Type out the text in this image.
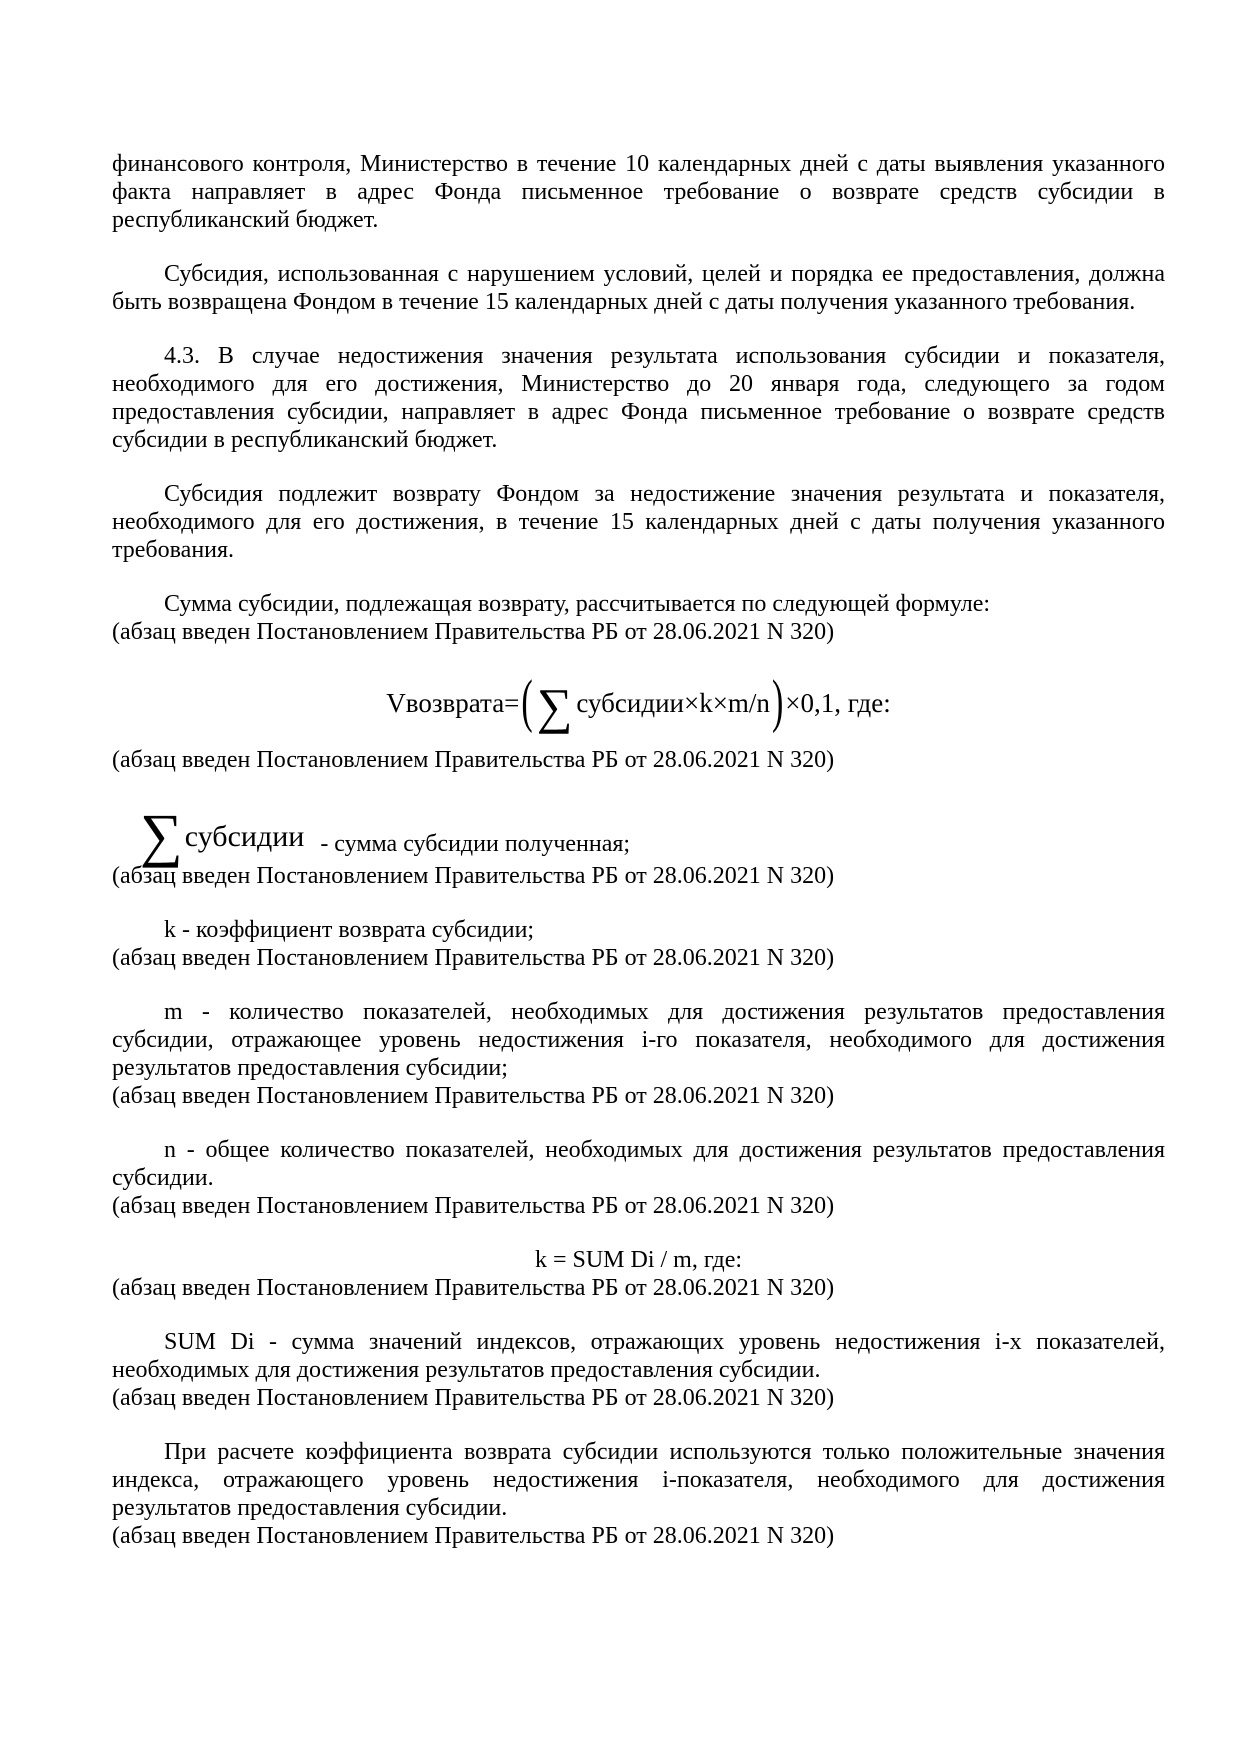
финансового контроля, Министерство в течение 10 календарных дней с даты выявления указанного факта направляет в адрес Фонда письменное требование о возврате средств субсидии в республиканский бюджет.

Субсидия, использованная с нарушением условий, целей и порядка ее предоставления, должна быть возвращена Фондом в течение 15 календарных дней с даты получения указанного требования.

4.3. В случае недостижения значения результата использования субсидии и показателя, необходимого для его достижения, Министерство до 20 января года, следующего за годом предоставления субсидии, направляет в адрес Фонда письменное требование о возврате средств субсидии в республиканский бюджет.

Субсидия подлежит возврату Фондом за недостижение значения результата и показателя, необходимого для его достижения, в течение 15 календарных дней с даты получения указанного требования.

Сумма субсидии, подлежащая возврату, рассчитывается по следующей формуле:

(абзац введен Постановлением Правительства РБ от 28.06.2021 N 320)

Vвозврата= ( ∑ субсидии×k×m/n ) ×0,1, где:

(абзац введен Постановлением Правительства РБ от 28.06.2021 N 320)

∑ субсидии - сумма субсидии полученная;

(абзац введен Постановлением Правительства РБ от 28.06.2021 N 320)

k - коэффициент возврата субсидии;

(абзац введен Постановлением Правительства РБ от 28.06.2021 N 320)

m - количество показателей, необходимых для достижения результатов предоставления субсидии, отражающее уровень недостижения i-го показателя, необходимого для достижения результатов предоставления субсидии;

(абзац введен Постановлением Правительства РБ от 28.06.2021 N 320)

n - общее количество показателей, необходимых для достижения результатов предоставления субсидии.

(абзац введен Постановлением Правительства РБ от 28.06.2021 N 320)

k = SUM Di / m, где:

(абзац введен Постановлением Правительства РБ от 28.06.2021 N 320)

SUM Di - сумма значений индексов, отражающих уровень недостижения i-х показателей, необходимых для достижения результатов предоставления субсидии.

(абзац введен Постановлением Правительства РБ от 28.06.2021 N 320)

При расчете коэффициента возврата субсидии используются только положительные значения индекса, отражающего уровень недостижения i-показателя, необходимого для достижения результатов предоставления субсидии.

(абзац введен Постановлением Правительства РБ от 28.06.2021 N 320)
